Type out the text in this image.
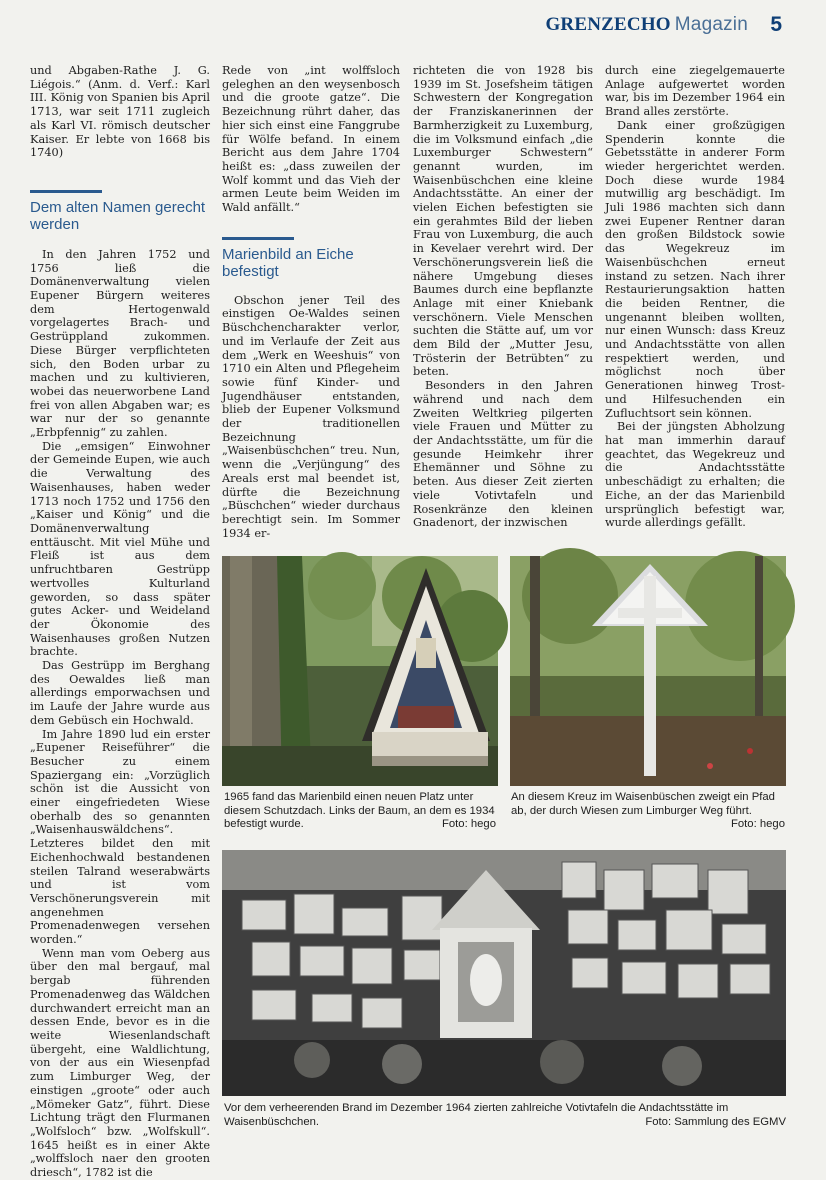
GRENZECHO Magazin 5

und Abgaben-Rathe J. G. Liégois.“ (Anm. d. Verf.: Karl III. König von Spanien bis April 1713, war seit 1711 zugleich als Karl VI. römisch deutscher Kaiser. Er lebte von 1668 bis 1740)

Dem alten Namen gerecht werden

In den Jahren 1752 und 1756 ließ die Domänenverwaltung vielen Eupener Bürgern weiteres dem Hertogenwald vorgelagertes Brach- und Gestrüppland zukommen. Diese Bürger verpflichteten sich, den Boden urbar zu machen und zu kultivieren, wobei das neuerworbene Land frei von allen Abgaben war; es war nur der so genannte „Erbpfennig“ zu zahlen.

Die „emsigen“ Einwohner der Gemeinde Eupen, wie auch die Verwaltung des Waisenhauses, haben weder 1713 noch 1752 und 1756 den „Kaiser und König“ und die Domänenverwaltung enttäuscht. Mit viel Mühe und Fleiß ist aus dem unfruchtbaren Gestrüpp wertvolles Kulturland geworden, so dass später gutes Acker- und Weideland der Ökonomie des Waisenhauses großen Nutzen brachte.

Das Gestrüpp im Berghang des Oewaldes ließ man allerdings emporwachsen und im Laufe der Jahre wurde aus dem Gebüsch ein Hochwald.

Im Jahre 1890 lud ein erster „Eupener Reiseführer“ die Besucher zu einem Spaziergang ein: „Vorzüglich schön ist die Aussicht von einer eingefriedeten Wiese oberhalb des so genannten „Waisenhauswäldchens“. Letzteres bildet den mit Eichenhochwald bestandenen steilen Talrand weserabwärts und ist vom Verschönerungsverein mit angenehmen Promenadenwegen versehen worden.“

Wenn man vom Oeberg aus über den mal bergauf, mal bergab führenden Promenadenweg das Wäldchen durchwandert erreicht man an dessen Ende, bevor es in die weite Wiesenlandschaft übergeht, eine Waldlichtung, von der aus ein Wiesenpfad zum Limburger Weg, der einstigen „groote“ oder auch „Mömeker Gatz“, führt. Diese Lichtung trägt den Flurmanen „Wolfsloch“ bzw. „Wolfskull“. 1645 heißt es in einer Akte „wolffsloch naer den grooten driesch“, 1782 ist die

Rede von „int wolffsloch geleghen an den weysenbosch und die groote gatze“. Die Bezeichnung rührt daher, das hier sich einst eine Fanggrube für Wölfe befand. In einem Bericht aus dem Jahre 1704 heißt es: „dass zuweilen der Wolf kommt und das Vieh der armen Leute beim Weiden im Wald anfällt.“

Marienbild an Eiche befestigt

Obschon jener Teil des einstigen Oe-Waldes seinen Büschchencharakter verlor, und im Verlaufe der Zeit aus dem „Werk en Weeshuis“ von 1710 ein Alten und Pflegeheim sowie fünf Kinder- und Jugendhäuser entstanden, blieb der Eupener Volksmund der traditionellen Bezeichnung „Waisenbüschchen“ treu. Nun, wenn die „Verjüngung“ des Areals erst mal beendet ist, dürfte die Bezeichnung „Büschchen“ wieder durchaus berechtigt sein. Im Sommer 1934 er-

richteten die von 1928 bis 1939 im St. Josefsheim tätigen Schwestern der Kongregation der Franziskanerinnen der Barmherzigkeit zu Luxemburg, die im Volksmund einfach „die Luxemburger Schwestern“ genannt wurden, im Waisenbüschchen eine kleine Andachtsstätte. An einer der vielen Eichen befestigten sie ein gerahmtes Bild der lieben Frau von Luxemburg, die auch in Kevelaer verehrt wird. Der Verschönerungsverein ließ die nähere Umgebung dieses Baumes durch eine bepflanzte Anlage mit einer Kniebank verschönern. Viele Menschen suchten die Stätte auf, um vor dem Bild der „Mutter Jesu, Trösterin der Betrübten“ zu beten.

Besonders in den Jahren während und nach dem Zweiten Weltkrieg pilgerten viele Frauen und Mütter zu der Andachtsstätte, um für die gesunde Heimkehr ihrer Ehemänner und Söhne zu beten. Aus dieser Zeit zierten viele Votivtafeln und Rosenkränze den kleinen Gnadenort, der inzwischen

durch eine ziegelgemauerte Anlage aufgewertet worden war, bis im Dezember 1964 ein Brand alles zerstörte.

Dank einer großzügigen Spenderin konnte die Gebetsstätte in anderer Form wieder hergerichtet werden. Doch diese wurde 1984 mutwillig arg beschädigt. Im Juli 1986 machten sich dann zwei Eupener Rentner daran den großen Bildstock sowie das Wegekreuz im Waisenbüschchen erneut instand zu setzen. Nach ihrer Restaurierungsaktion hatten die beiden Rentner, die ungenannt bleiben wollten, nur einen Wunsch: dass Kreuz und Andachtsstätte von allen respektiert werden, und möglichst noch über Generationen hinweg Trost- und Hilfesuchenden ein Zufluchtsort sein können.

Bei der jüngsten Abholzung hat man immerhin darauf geachtet, das Wegekreuz und die Andachtsstätte unbeschädigt zu erhalten; die Eiche, an der das Marienbild ursprünglich befestigt war, wurde allerdings gefällt.

1965 fand das Marienbild einen neuen Platz unter diesem Schutzdach. Links der Baum, an dem es 1934 befestigt wurde.	Foto: hego
An diesem Kreuz im Waisenbüschen zweigt ein Pfad ab, der durch Wiesen zum Limburger Weg führt.
Foto: hego
Vor dem verheerenden Brand im Dezember 1964 zierten zahlreiche Votivtafeln die Andachtsstätte im Waisenbüschchen.	Foto: Sammlung des EGMV
